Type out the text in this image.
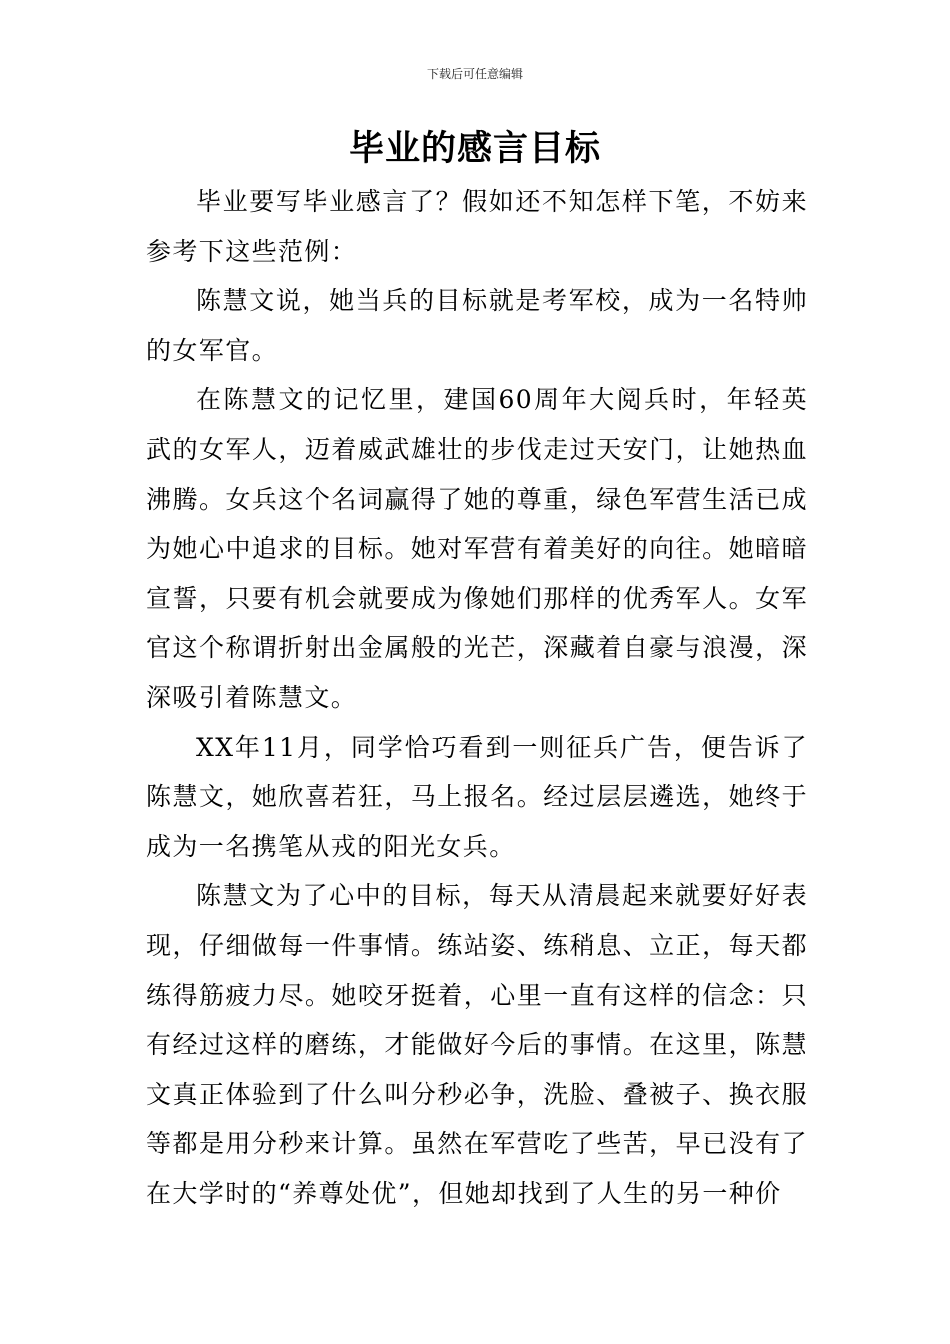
下载后可任意编辑
毕业的感言目标

毕业要写毕业感言了？假如还不知怎样下笔，不妨来参考下这些范例：

陈慧文说，她当兵的目标就是考军校，成为一名特帅的女军官。

在陈慧文的记忆里，建国60周年大阅兵时，年轻英武的女军人，迈着威武雄壮的步伐走过天安门，让她热血沸腾。女兵这个名词赢得了她的尊重，绿色军营生活已成为她心中追求的目标。她对军营有着美好的向往。她暗暗宣誓，只要有机会就要成为像她们那样的优秀军人。女军官这个称谓折射出金属般的光芒，深藏着自豪与浪漫，深深吸引着陈慧文。

XX年11月，同学恰巧看到一则征兵广告，便告诉了陈慧文，她欣喜若狂，马上报名。经过层层遴选，她终于成为一名携笔从戎的阳光女兵。

陈慧文为了心中的目标，每天从清晨起来就要好好表现，仔细做每一件事情。练站姿、练稍息、立正，每天都练得筋疲力尽。她咬牙挺着，心里一直有这样的信念：只有经过这样的磨练，才能做好今后的事情。在这里，陈慧文真正体验到了什么叫分秒必争，洗脸、叠被子、换衣服等都是用分秒来计算。虽然在军营吃了些苦，早已没有了在大学时的“养尊处优”，但她却找到了人生的另一种价
